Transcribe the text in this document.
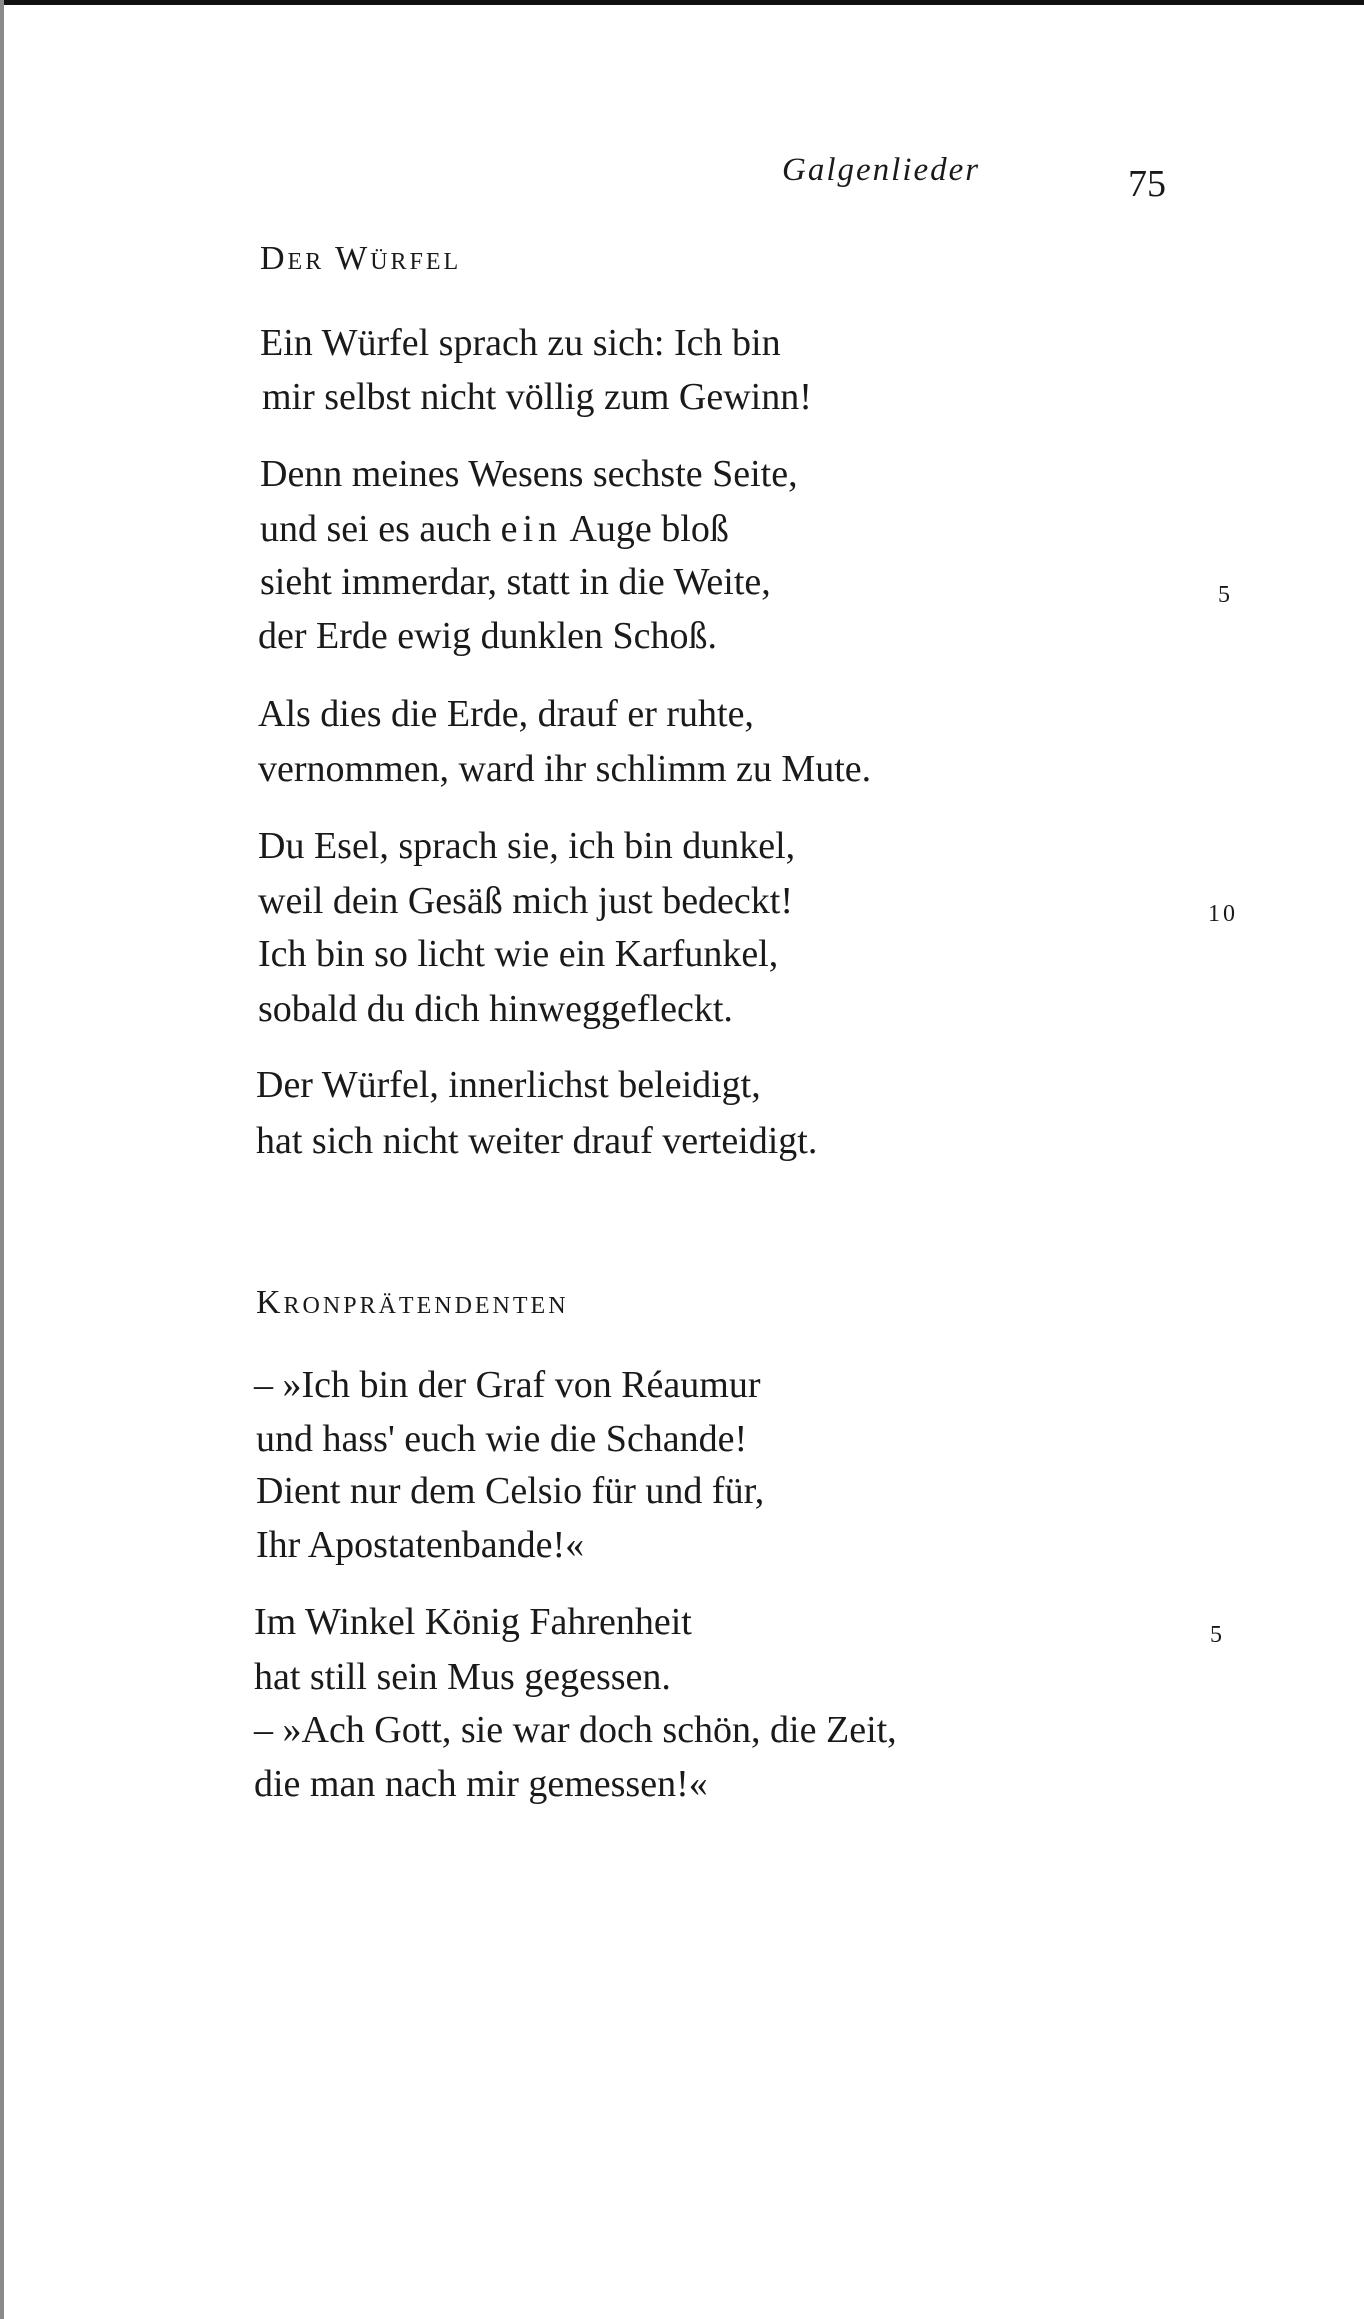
Galgenlieder	75
Der Würfel
Ein Würfel sprach zu sich: Ich bin
mir selbst nicht völlig zum Gewinn!
Denn meines Wesens sechste Seite,
und sei es auch ein Auge bloß
sieht immerdar, statt in die Weite,
der Erde ewig dunklen Schoß.
Als dies die Erde, drauf er ruhte,
vernommen, ward ihr schlimm zu Mute.
Du Esel, sprach sie, ich bin dunkel,
weil dein Gesäß mich just bedeckt!
Ich bin so licht wie ein Karfunkel,
sobald du dich hinweggefleckt.
Der Würfel, innerlichst beleidigt,
hat sich nicht weiter drauf verteidigt.
5
10
Kronprätendenten
– »Ich bin der Graf von Réaumur
und hass' euch wie die Schande!
Dient nur dem Celsio für und für,
Ihr Apostatenbande!«
Im Winkel König Fahrenheit
hat still sein Mus gegessen.
– »Ach Gott, sie war doch schön, die Zeit,
die man nach mir gemessen!«
5
